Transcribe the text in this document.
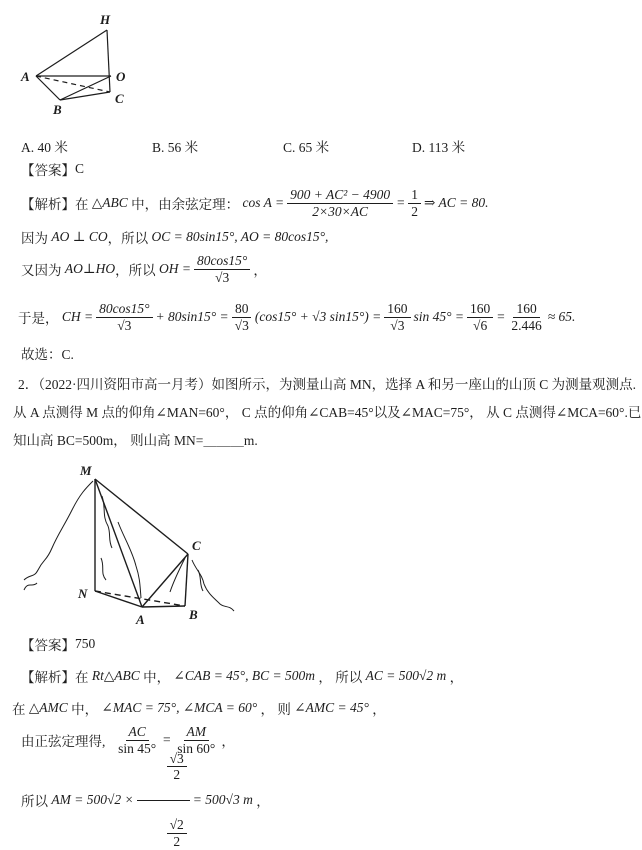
H
A	O
C
B
A. 40 米	B. 56 米	C. 65 米	D. 113 米
【答案】 C
【解析】 在 △ABC 中，由余弦定理： $\cos A = \frac{\text{900 + AC² − 4900}}{2\times 30\times AC} = \frac{1}{2}$ ⇒ AC = 80.
因为 AO ⊥ CO ，所以 OC = 80sin15°, AO = 80cos15°,
又因为 AO⊥HO ，所以 OH = $\frac{80\cos 15^\circ}{√3}$ ，
于是， CH = $\frac{80\cos 15^\circ}{√3} + 80\sin 15^\circ = \frac{80}{√3} (\cos 15^\circ + √3$ $\sin 15^\circ) = \frac{160}{√3}$ $\sin 45^\circ = \frac{160}{√6} = \frac{160}{2.446} \approx 65$.
故选：C.
2．（2022·四川资阳市高一月考）如图所示，为测量山高 MN，选择 A 和另一座山的山顶 C 为测量观测点.
从 A 点测得 M 点的仰角∠MAN=60°， C 点的仰角∠CAB=45°以及∠MAC=75°， 从 C 点测得∠MCA=60°.已
知山高 BC=500m， 则山高 MN=＿＿＿m.
M
N
A	B
C
【答案】 750
【解析】 在 Rt△ABC 中， ∠CAB = 45°, BC = 500m ， 所以 AC = 500√2 m ，
在 △AMC 中， ∠MAC = 75°, ∠MCA = 60° ， 则 ∠AMC = 45° ，
由正弦定理得, $\frac{AC}{\sin 45^\circ} = \frac{AM}{\sin 60^\circ}$ ，
所以 AM = 500√2 ×

$\frac{\frac{√3}{2}}{\frac{√2}{2}}$

= 500√3 m ，
